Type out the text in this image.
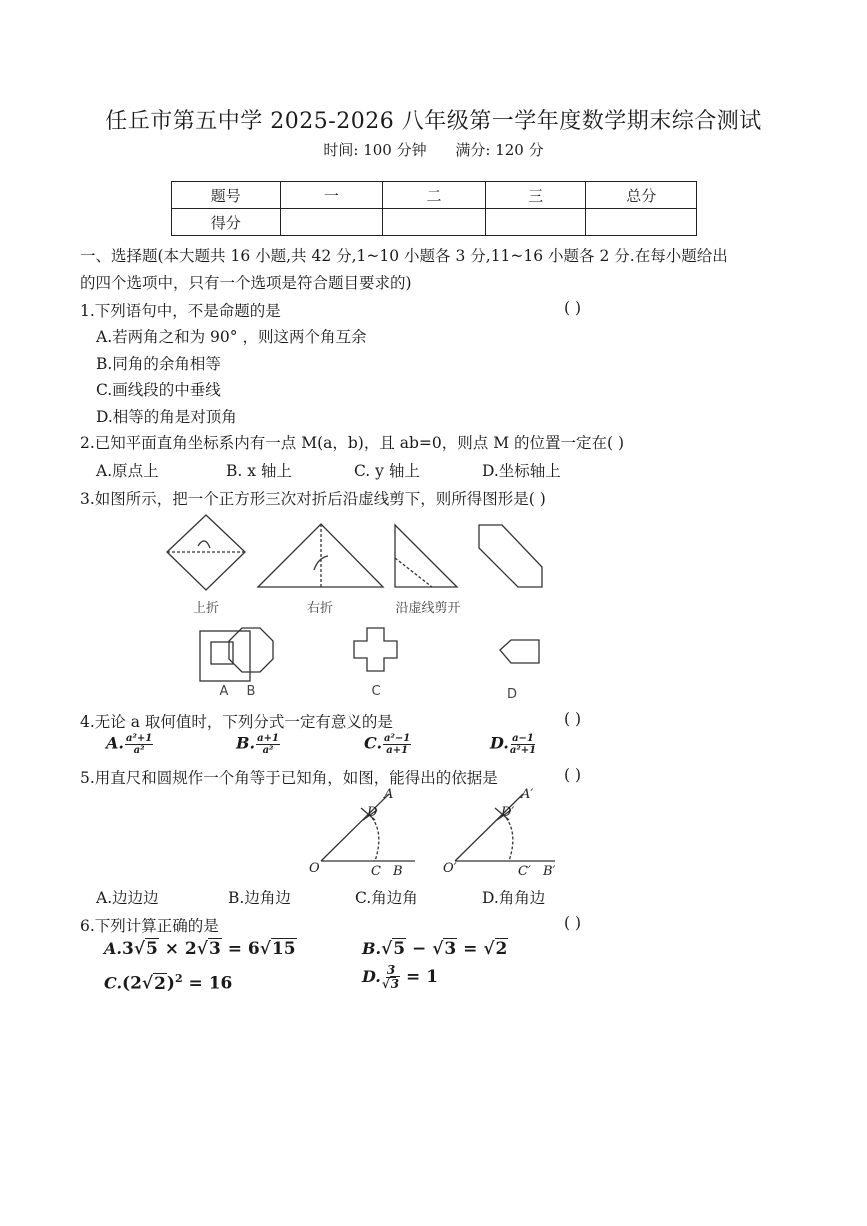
任丘市第五中学 2025-2026 八年级第一学年度数学期末综合测试
时间: 100 分钟 满分: 120 分
题号	一	二	三	总分
得分				
一、选择题(本大题共 16 小题,共 42 分,1~10 小题各 3 分,11~16 小题各 2 分.在每小题给出
的四个选项中，只有一个选项是符合题目要求的)
1.下列语句中，不是命题的是	( )
A.若两角之和为 90° ，则这两个角互余
B.同角的余角相等
C.画线段的中垂线
D.相等的角是对顶角
2.已知平面直角坐标系内有一点 M(a，b)，且 ab=0，则点 M 的位置一定在( )
A.原点上	B. x 轴上	C. y 轴上	D.坐标轴上
3.如图所示，把一个正方形三次对折后沿虚线剪下，则所得图形是( )
上折	右折	沿虚线剪开
A B	C	D
4.无论 a 取何值时，下列分式一定有意义的是	( )
A. $\frac{\text{a²+1}}{\text{a²}}$	B. $\frac{a+1}{\text{a²}}$	C. $\frac{\text{a²−1}}{a+1}$	D. $\frac{a-1}{\text{a²+1}}$
5.用直尺和圆规作一个角等于已知角，如图，能得出的依据是	( )
O
A
D
C B	O′
A′
D′
C′ B′
A.边边边	B.边角边	C.角边角	D.角角边
6.下列计算正确的是	( )
A.3√5 × 2√3 = 6√15	B.√5 − √3 = √2
$C.(2√2)^2 = 16$	D. $\frac{3}{√3} = 1$
